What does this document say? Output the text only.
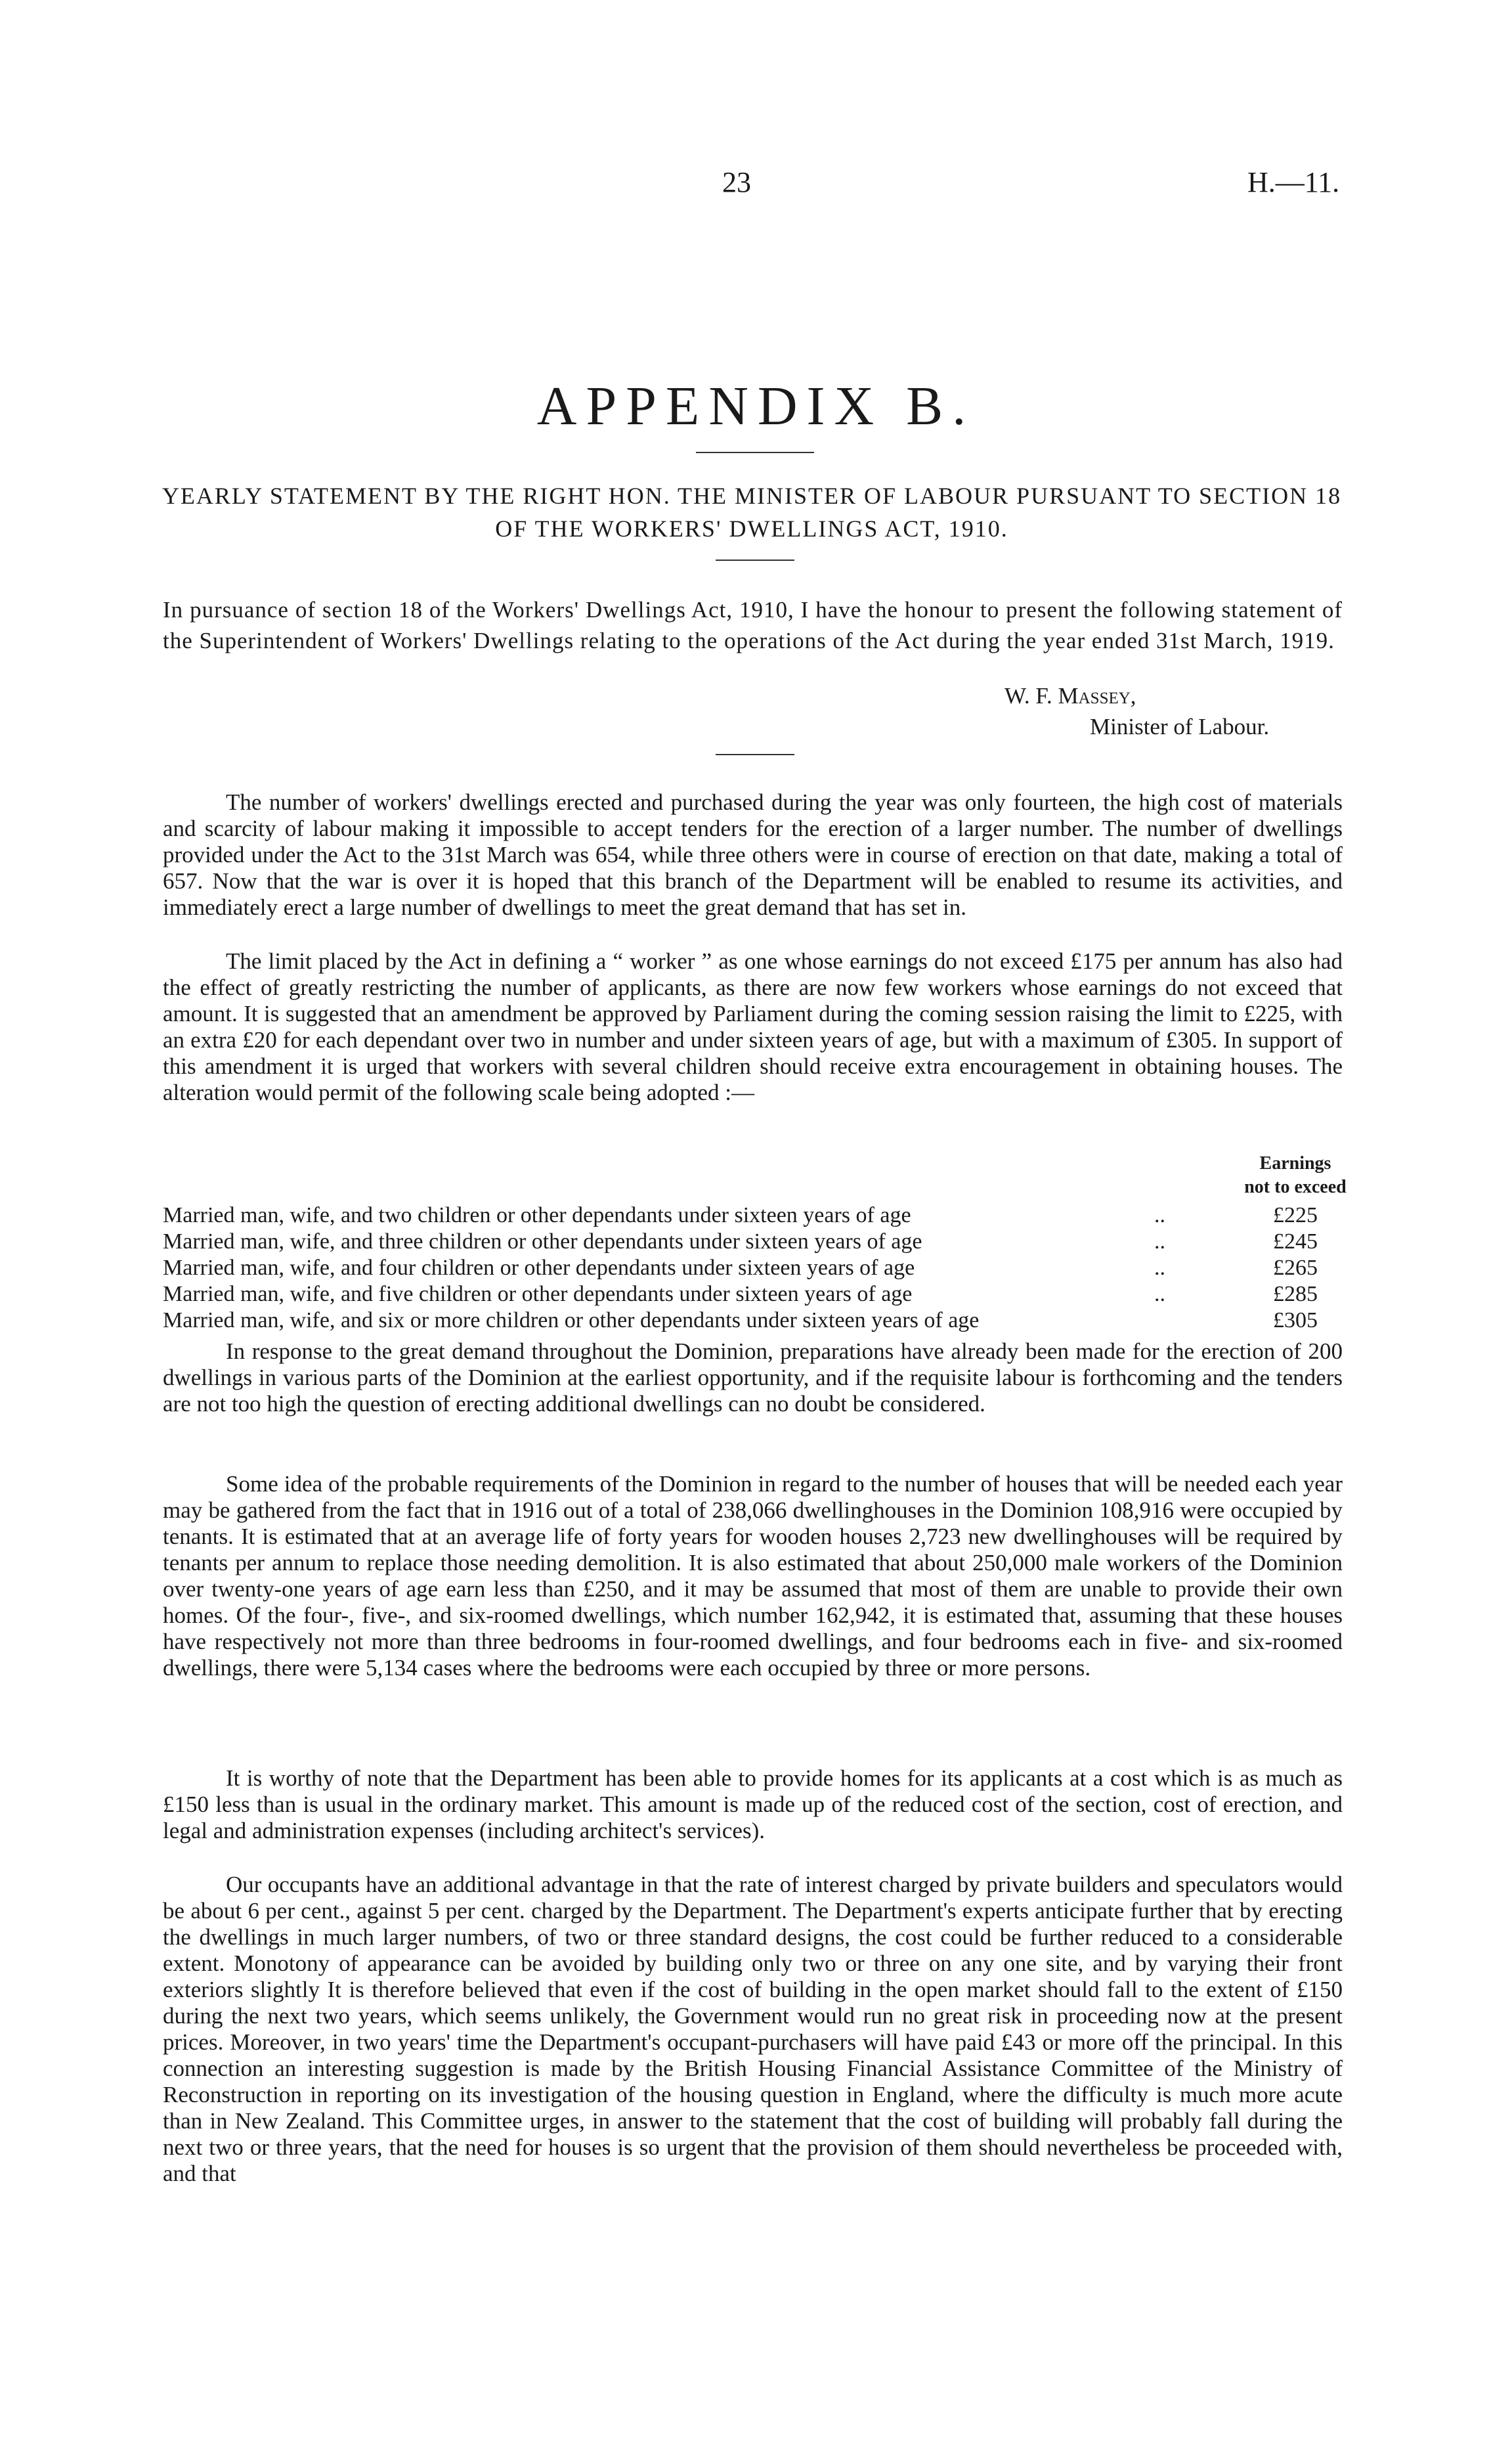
23	H.—11.
APPENDIX B.
YEARLY STATEMENT BY THE RIGHT HON. THE MINISTER OF LABOUR PURSUANT TO SECTION 18 OF THE WORKERS' DWELLINGS ACT, 1910.
In pursuance of section 18 of the Workers' Dwellings Act, 1910, I have the honour to present the following statement of the Superintendent of Workers' Dwellings relating to the operations of the Act during the year ended 31st March, 1919.
W. F. Massey,
Minister of Labour.

The number of workers' dwellings erected and purchased during the year was only fourteen, the high cost of materials and scarcity of labour making it impossible to accept tenders for the erection of a larger number. The number of dwellings provided under the Act to the 31st March was 654, while three others were in course of erection on that date, making a total of 657. Now that the war is over it is hoped that this branch of the Department will be enabled to resume its activities, and immediately erect a large number of dwellings to meet the great demand that has set in.

The limit placed by the Act in defining a “ worker ” as one whose earnings do not exceed £175 per annum has also had the effect of greatly restricting the number of applicants, as there are now few workers whose earnings do not exceed that amount. It is suggested that an amendment be approved by Parliament during the coming session raising the limit to £225, with an extra £20 for each dependant over two in number and under sixteen years of age, but with a maximum of £305. In support of this amendment it is urged that workers with several children should receive extra encouragement in obtaining houses. The alteration would permit of the following scale being adopted :—

Earnings
not to exceed
Married man, wife, and two children or other dependants under sixteen years of age	..	£225
Married man, wife, and three children or other dependants under sixteen years of age	..	£245
Married man, wife, and four children or other dependants under sixteen years of age	..	£265
Married man, wife, and five children or other dependants under sixteen years of age	..	£285
Married man, wife, and six or more children or other dependants under sixteen years of age	£305

In response to the great demand throughout the Dominion, preparations have already been made for the erection of 200 dwellings in various parts of the Dominion at the earliest opportunity, and if the requisite labour is forthcoming and the tenders are not too high the question of erecting additional dwellings can no doubt be considered.

Some idea of the probable requirements of the Dominion in regard to the number of houses that will be needed each year may be gathered from the fact that in 1916 out of a total of 238,066 dwellinghouses in the Dominion 108,916 were occupied by tenants. It is estimated that at an average life of forty years for wooden houses 2,723 new dwellinghouses will be required by tenants per annum to replace those needing demolition. It is also estimated that about 250,000 male workers of the Dominion over twenty-one years of age earn less than £250, and it may be assumed that most of them are unable to provide their own homes. Of the four-, five-, and six-roomed dwellings, which number 162,942, it is estimated that, assuming that these houses have respectively not more than three bedrooms in four-roomed dwellings, and four bedrooms each in five- and six-roomed dwellings, there were 5,134 cases where the bedrooms were each occupied by three or more persons.

It is worthy of note that the Department has been able to provide homes for its applicants at a cost which is as much as £150 less than is usual in the ordinary market. This amount is made up of the reduced cost of the section, cost of erection, and legal and administration expenses (including architect's services).

Our occupants have an additional advantage in that the rate of interest charged by private builders and speculators would be about 6 per cent., against 5 per cent. charged by the Department. The Department's experts anticipate further that by erecting the dwellings in much larger numbers, of two or three standard designs, the cost could be further reduced to a considerable extent. Monotony of appearance can be avoided by building only two or three on any one site, and by varying their front exteriors slightly It is therefore believed that even if the cost of building in the open market should fall to the extent of £150 during the next two years, which seems unlikely, the Government would run no great risk in proceeding now at the present prices. Moreover, in two years' time the Department's occupant-purchasers will have paid £43 or more off the principal. In this connection an interesting suggestion is made by the British Housing Financial Assistance Committee of the Ministry of Reconstruction in reporting on its investigation of the housing question in England, where the difficulty is much more acute than in New Zealand. This Committee urges, in answer to the statement that the cost of building will probably fall during the next two or three years, that the need for houses is so urgent that the provision of them should nevertheless be proceeded with, and that
